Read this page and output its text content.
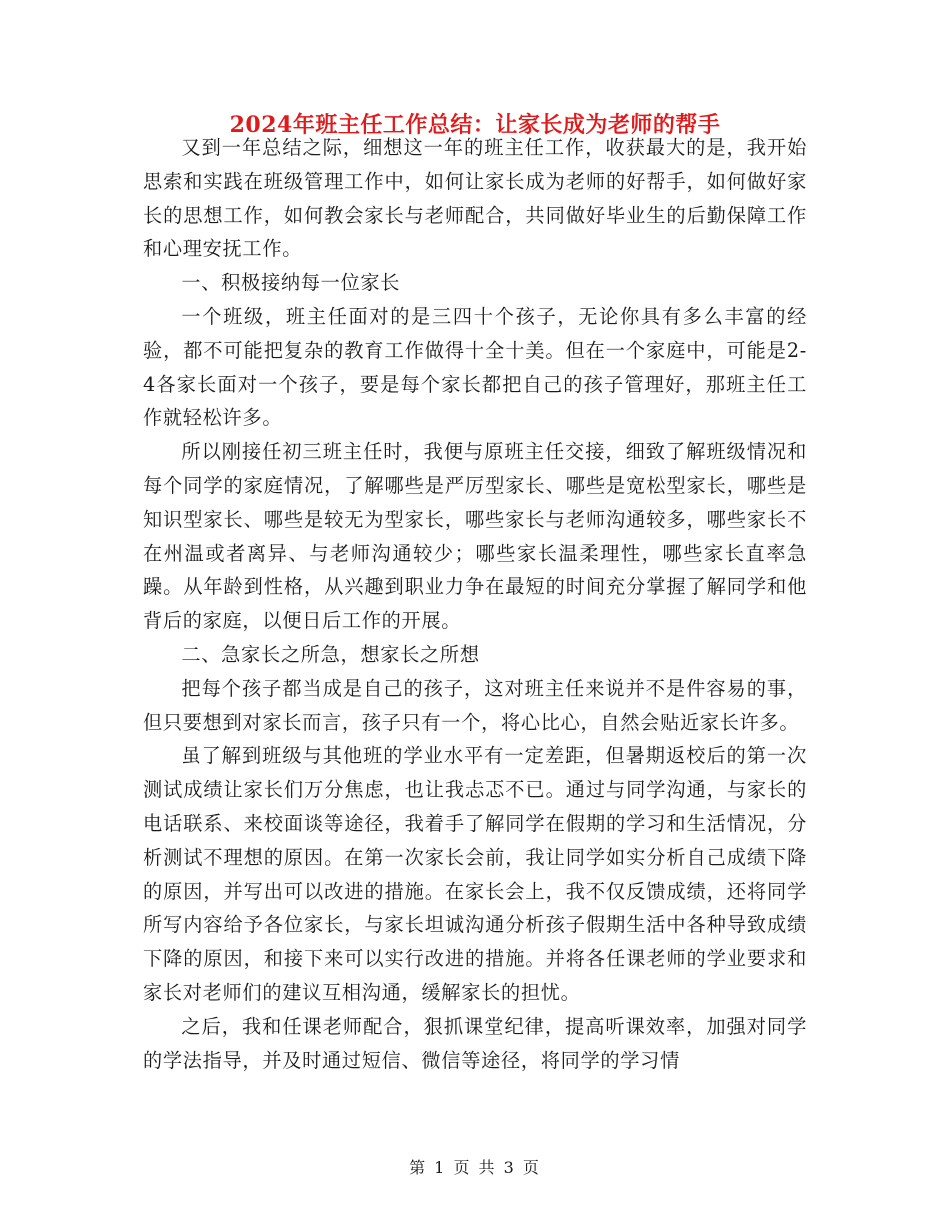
2024年班主任工作总结：让家长成为老师的帮手

又到一年总结之际，细想这一年的班主任工作，收获最大的是，我开始思索和实践在班级管理工作中，如何让家长成为老师的好帮手，如何做好家长的思想工作，如何教会家长与老师配合，共同做好毕业生的后勤保障工作和心理安抚工作。

一、积极接纳每一位家长

一个班级，班主任面对的是三四十个孩子，无论你具有多么丰富的经验，都不可能把复杂的教育工作做得十全十美。但在一个家庭中，可能是2-4各家长面对一个孩子，要是每个家长都把自己的孩子管理好，那班主任工作就轻松许多。

所以刚接任初三班主任时，我便与原班主任交接，细致了解班级情况和每个同学的家庭情况，了解哪些是严厉型家长、哪些是宽松型家长，哪些是知识型家长、哪些是较无为型家长，哪些家长与老师沟通较多，哪些家长不在州温或者离异、与老师沟通较少；哪些家长温柔理性，哪些家长直率急躁。从年龄到性格，从兴趣到职业力争在最短的时间充分掌握了解同学和他背后的家庭，以便日后工作的开展。

二、急家长之所急，想家长之所想

把每个孩子都当成是自己的孩子，这对班主任来说并不是件容易的事，但只要想到对家长而言，孩子只有一个，将心比心，自然会贴近家长许多。

虽了解到班级与其他班的学业水平有一定差距，但暑期返校后的第一次测试成绩让家长们万分焦虑，也让我忐忑不已。通过与同学沟通，与家长的电话联系、来校面谈等途径，我着手了解同学在假期的学习和生活情况，分析测试不理想的原因。在第一次家长会前，我让同学如实分析自己成绩下降的原因，并写出可以改进的措施。在家长会上，我不仅反馈成绩，还将同学所写内容给予各位家长，与家长坦诚沟通分析孩子假期生活中各种导致成绩下降的原因，和接下来可以实行改进的措施。并将各任课老师的学业要求和家长对老师们的建议互相沟通，缓解家长的担忧。

之后，我和任课老师配合，狠抓课堂纪律，提高听课效率，加强对同学的学法指导，并及时通过短信、微信等途径，将同学的学习情

第 1 页 共 3 页
